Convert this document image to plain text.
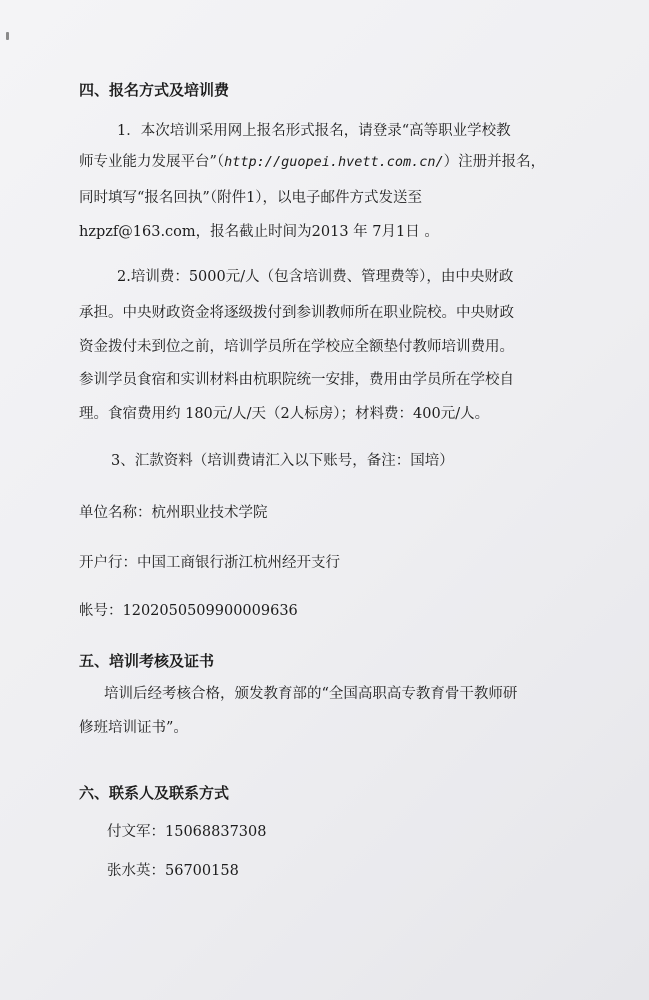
四、报名方式及培训费
1．本次培训采用网上报名形式报名，请登录“高等职业学校教
师专业能力发展平台”（http://guopei.hvett.com.cn/）注册并报名，
同时填写“报名回执”（附件1），以电子邮件方式发送至
hzpzf@163.com，报名截止时间为2013 年 7月1日 。
2.培训费：5000元/人（包含培训费、管理费等），由中央财政
承担。中央财政资金将逐级拨付到参训教师所在职业院校。中央财政
资金拨付未到位之前，培训学员所在学校应全额垫付教师培训费用。
参训学员食宿和实训材料由杭职院统一安排，费用由学员所在学校自
理。食宿费用约 180元/人/天（2人标房）；材料费：400元/人。
3、汇款资料（培训费请汇入以下账号，备注：国培）
单位名称：杭州职业技术学院
开户行：中国工商银行浙江杭州经开支行
帐号：1202050509900009636
五、培训考核及证书
培训后经考核合格，颁发教育部的“全国高职高专教育骨干教师研
修班培训证书”。
六、联系人及联系方式
付文军：15068837308
张水英：56700158
